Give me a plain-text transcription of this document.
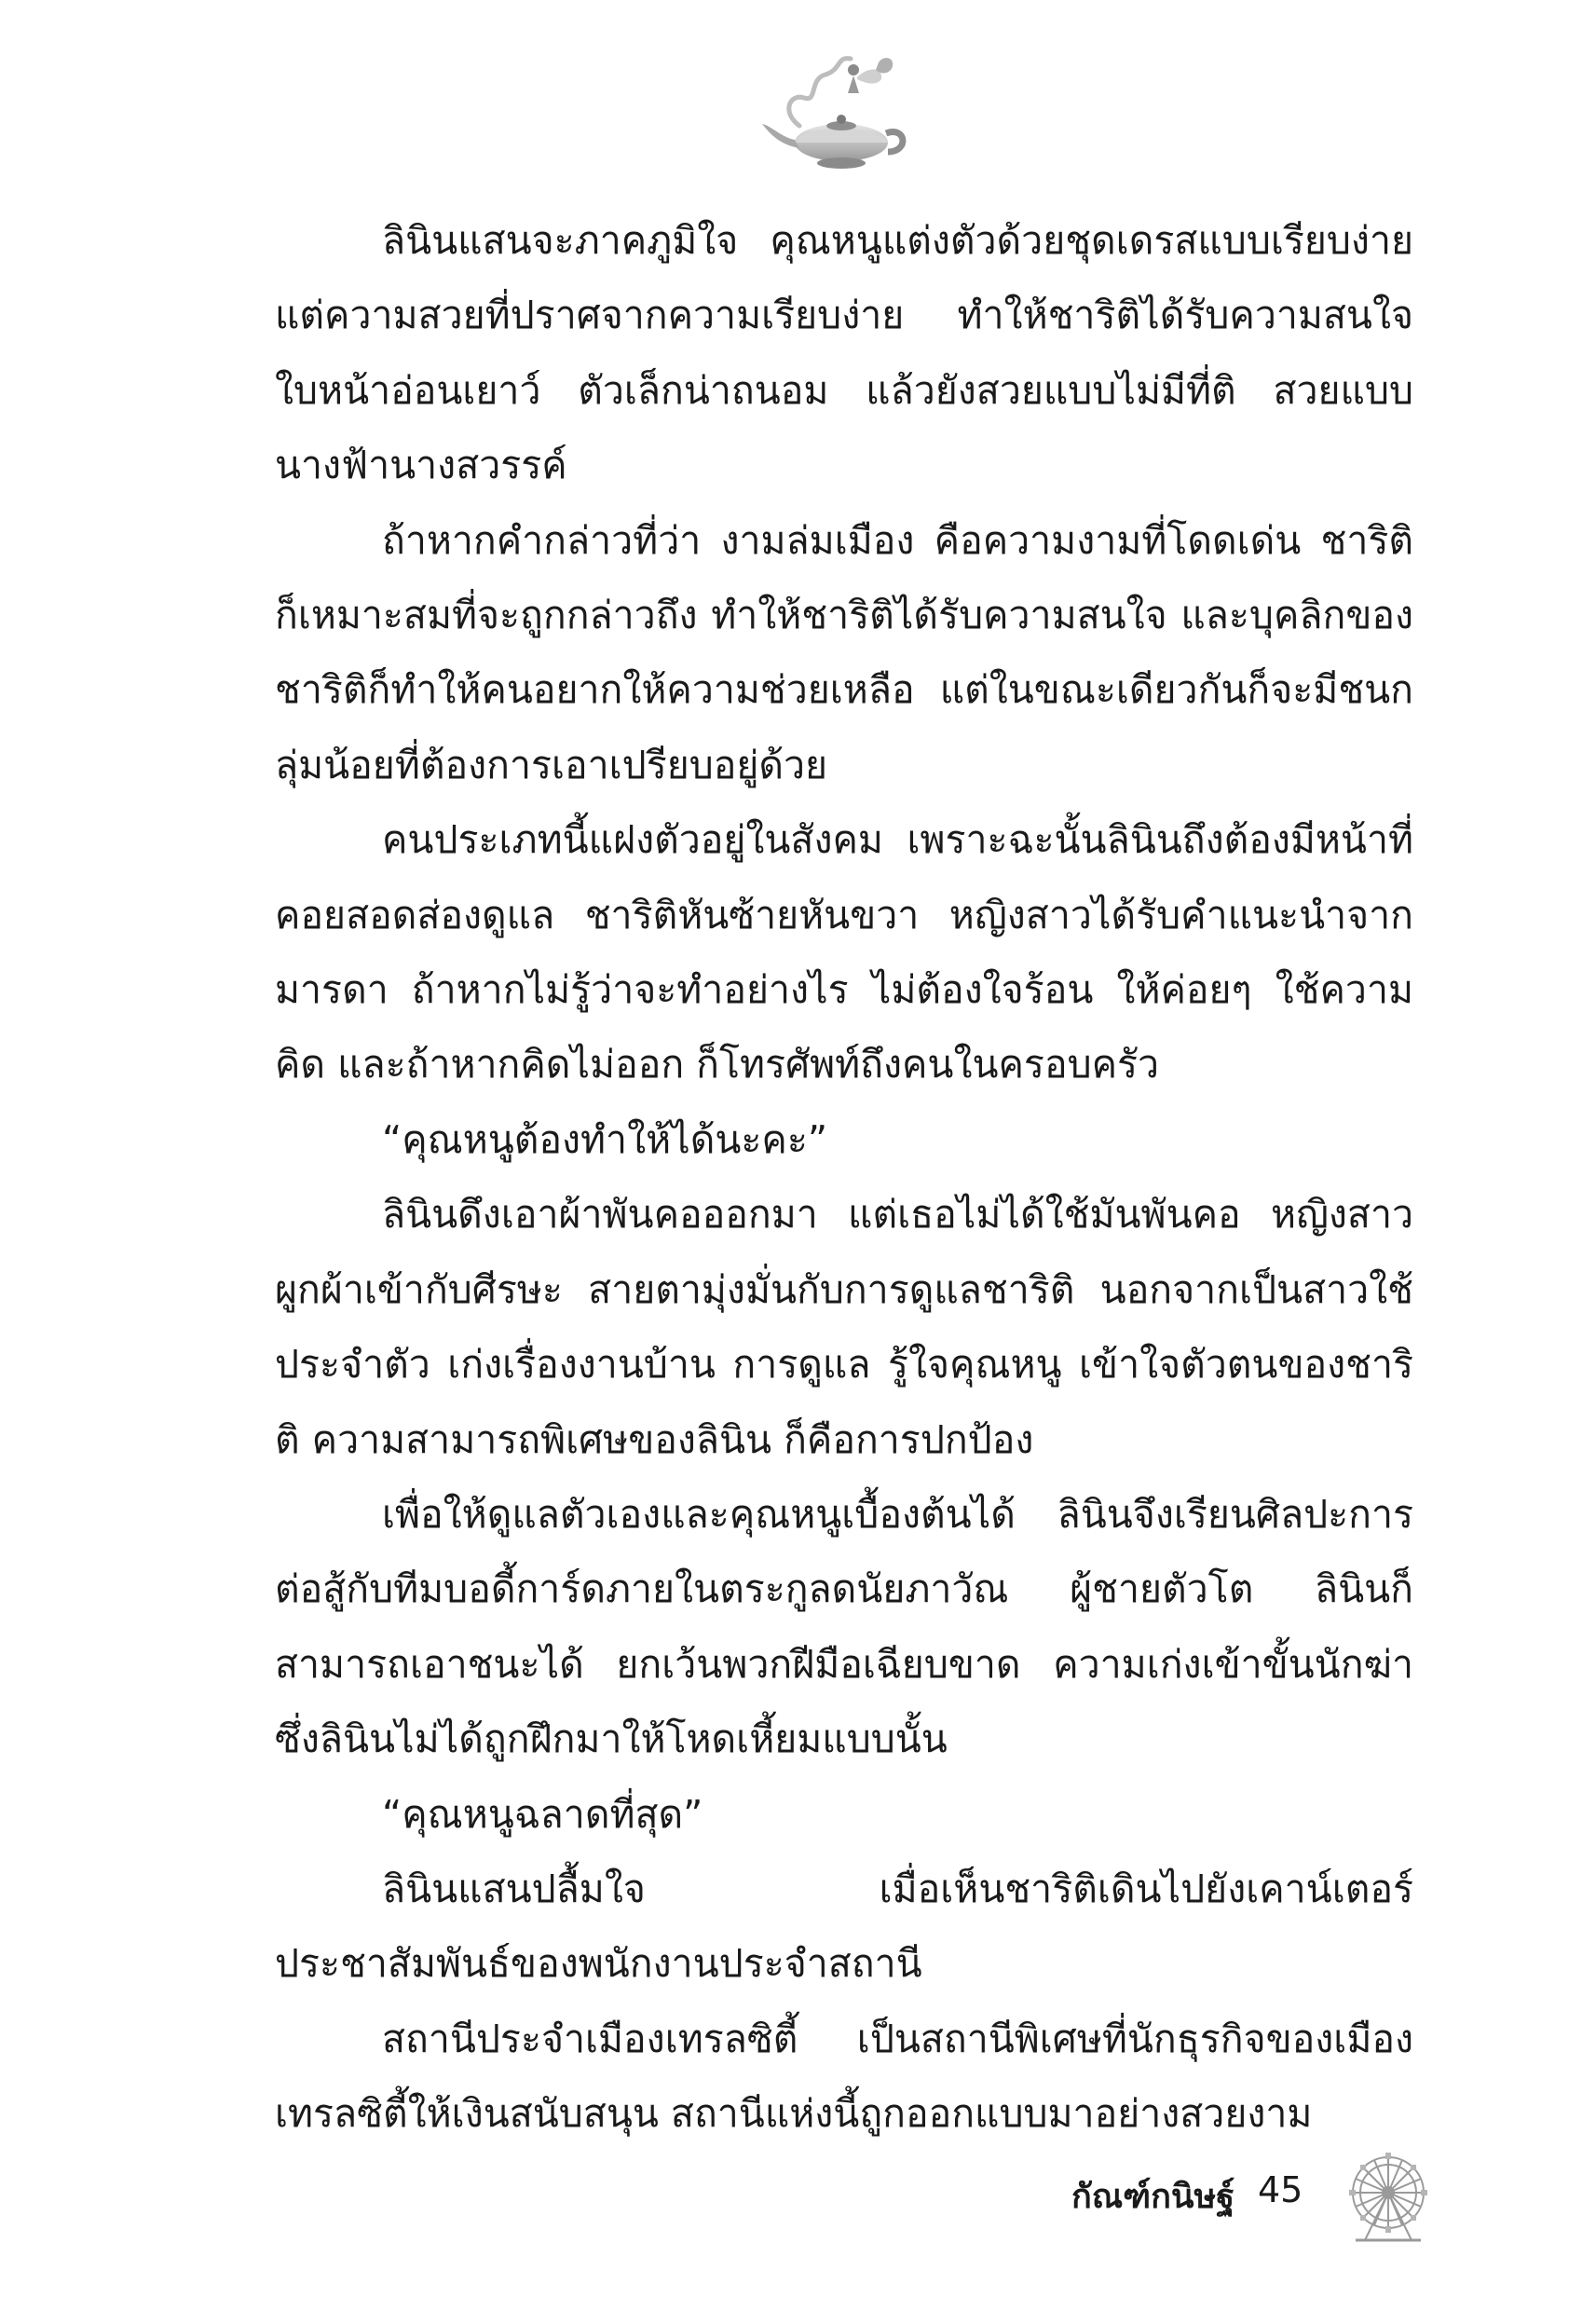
ลินินแสนจะภาคภูมิใจ คุณหนูแต่งตัวด้วยชุดเดรสแบบเรียบง่าย แต่ความสวยที่ปราศจากความเรียบง่าย ทำให้ชาริติได้รับความสนใจ ใบหน้าอ่อนเยาว์ ตัวเล็กน่าถนอม แล้วยังสวยแบบไม่มีที่ติ สวยแบบนางฟ้านางสวรรค์

ถ้าหากคำกล่าวที่ว่า งามล่มเมือง คือความงามที่โดดเด่น ชาริติก็เหมาะสมที่จะถูกกล่าวถึง ทำให้ชาริติได้รับความสนใจ และบุคลิกของชาริติก็ทำให้คนอยากให้ความช่วยเหลือ แต่ในขณะเดียวกันก็จะมีชนกลุ่มน้อยที่ต้องการเอาเปรียบอยู่ด้วย

คนประเภทนี้แฝงตัวอยู่ในสังคม เพราะฉะนั้นลินินถึงต้องมีหน้าที่คอยสอดส่องดูแล ชาริติหันซ้ายหันขวา หญิงสาวได้รับคำแนะนำจากมารดา ถ้าหากไม่รู้ว่าจะทำอย่างไร ไม่ต้องใจร้อน ให้ค่อยๆ ใช้ความคิด และถ้าหากคิดไม่ออก ก็โทรศัพท์ถึงคนในครอบครัว

“คุณหนูต้องทำให้ได้นะคะ”

ลินินดึงเอาผ้าพันคอออกมา แต่เธอไม่ได้ใช้มันพันคอ หญิงสาวผูกผ้าเข้ากับศีรษะ สายตามุ่งมั่นกับการดูแลชาริติ นอกจากเป็นสาวใช้ประจำตัว เก่งเรื่องงานบ้าน การดูแล รู้ใจคุณหนู เข้าใจตัวตนของชาริติ ความสามารถพิเศษของลินิน ก็คือการปกป้อง

เพื่อให้ดูแลตัวเองและคุณหนูเบื้องต้นได้ ลินินจึงเรียนศิลปะการต่อสู้กับทีมบอดี้การ์ดภายในตระกูลดนัยภาวัณ ผู้ชายตัวโต ลินินก็สามารถเอาชนะได้ ยกเว้นพวกฝีมือเฉียบขาด ความเก่งเข้าขั้นนักฆ่า ซึ่งลินินไม่ได้ถูกฝึกมาให้โหดเหี้ยมแบบนั้น

“คุณหนูฉลาดที่สุด”

ลินินแสนปลื้มใจ เมื่อเห็นชาริติเดินไปยังเคาน์เตอร์ประชาสัมพันธ์ของพนักงานประจำสถานี

สถานีประจำเมืองเทรลซิตี้ เป็นสถานีพิเศษที่นักธุรกิจของเมืองเทรลซิตี้ให้เงินสนับสนุน สถานีแห่งนี้ถูกออกแบบมาอย่างสวยงาม

กัณฑ์กนิษฐ์ 45
